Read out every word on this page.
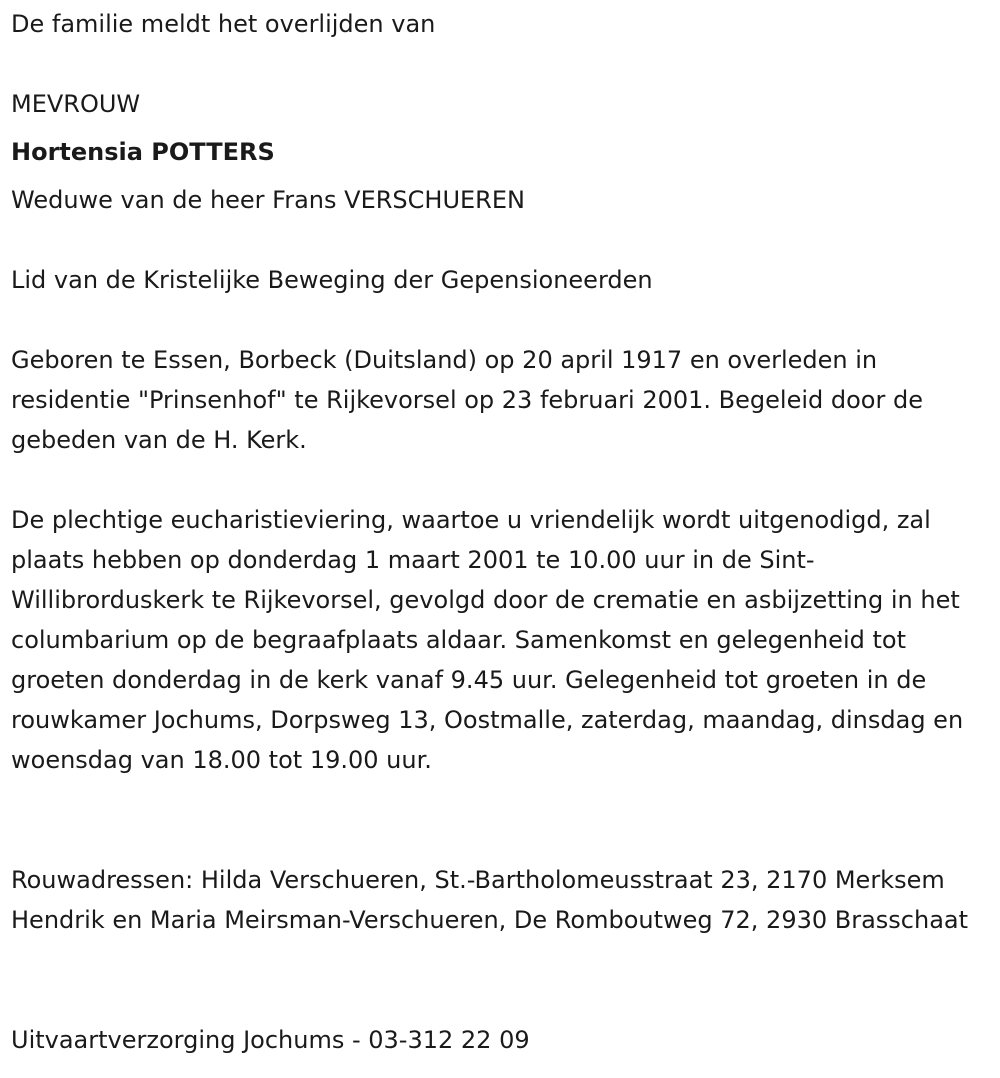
De familie meldt het overlijden van

MEVROUW

Hortensia POTTERS

Weduwe van de heer Frans VERSCHUEREN

Lid van de Kristelijke Beweging der Gepensioneerden

Geboren te Essen, Borbeck (Duitsland) op 20 april 1917 en overleden in residentie "Prinsenhof" te Rijkevorsel op 23 februari 2001. Begeleid door de gebeden van de H. Kerk.

De plechtige eucharistieviering, waartoe u vriendelijk wordt uitgenodigd, zal plaats hebben op donderdag 1 maart 2001 te 10.00 uur in de Sint-Willibrorduskerk te Rijkevorsel, gevolgd door de crematie en asbijzetting in het columbarium op de begraafplaats aldaar. Samenkomst en gelegenheid tot groeten donderdag in de kerk vanaf 9.45 uur. Gelegenheid tot groeten in de rouwkamer Jochums, Dorpsweg 13, Oostmalle, zaterdag, maandag, dinsdag en woensdag van 18.00 tot 19.00 uur.

Rouwadressen: Hilda Verschueren, St.-Bartholomeusstraat 23, 2170 Merksem Hendrik en Maria Meirsman-Verschueren, De Romboutweg 72, 2930 Brasschaat

Uitvaartverzorging Jochums - 03-312 22 09
